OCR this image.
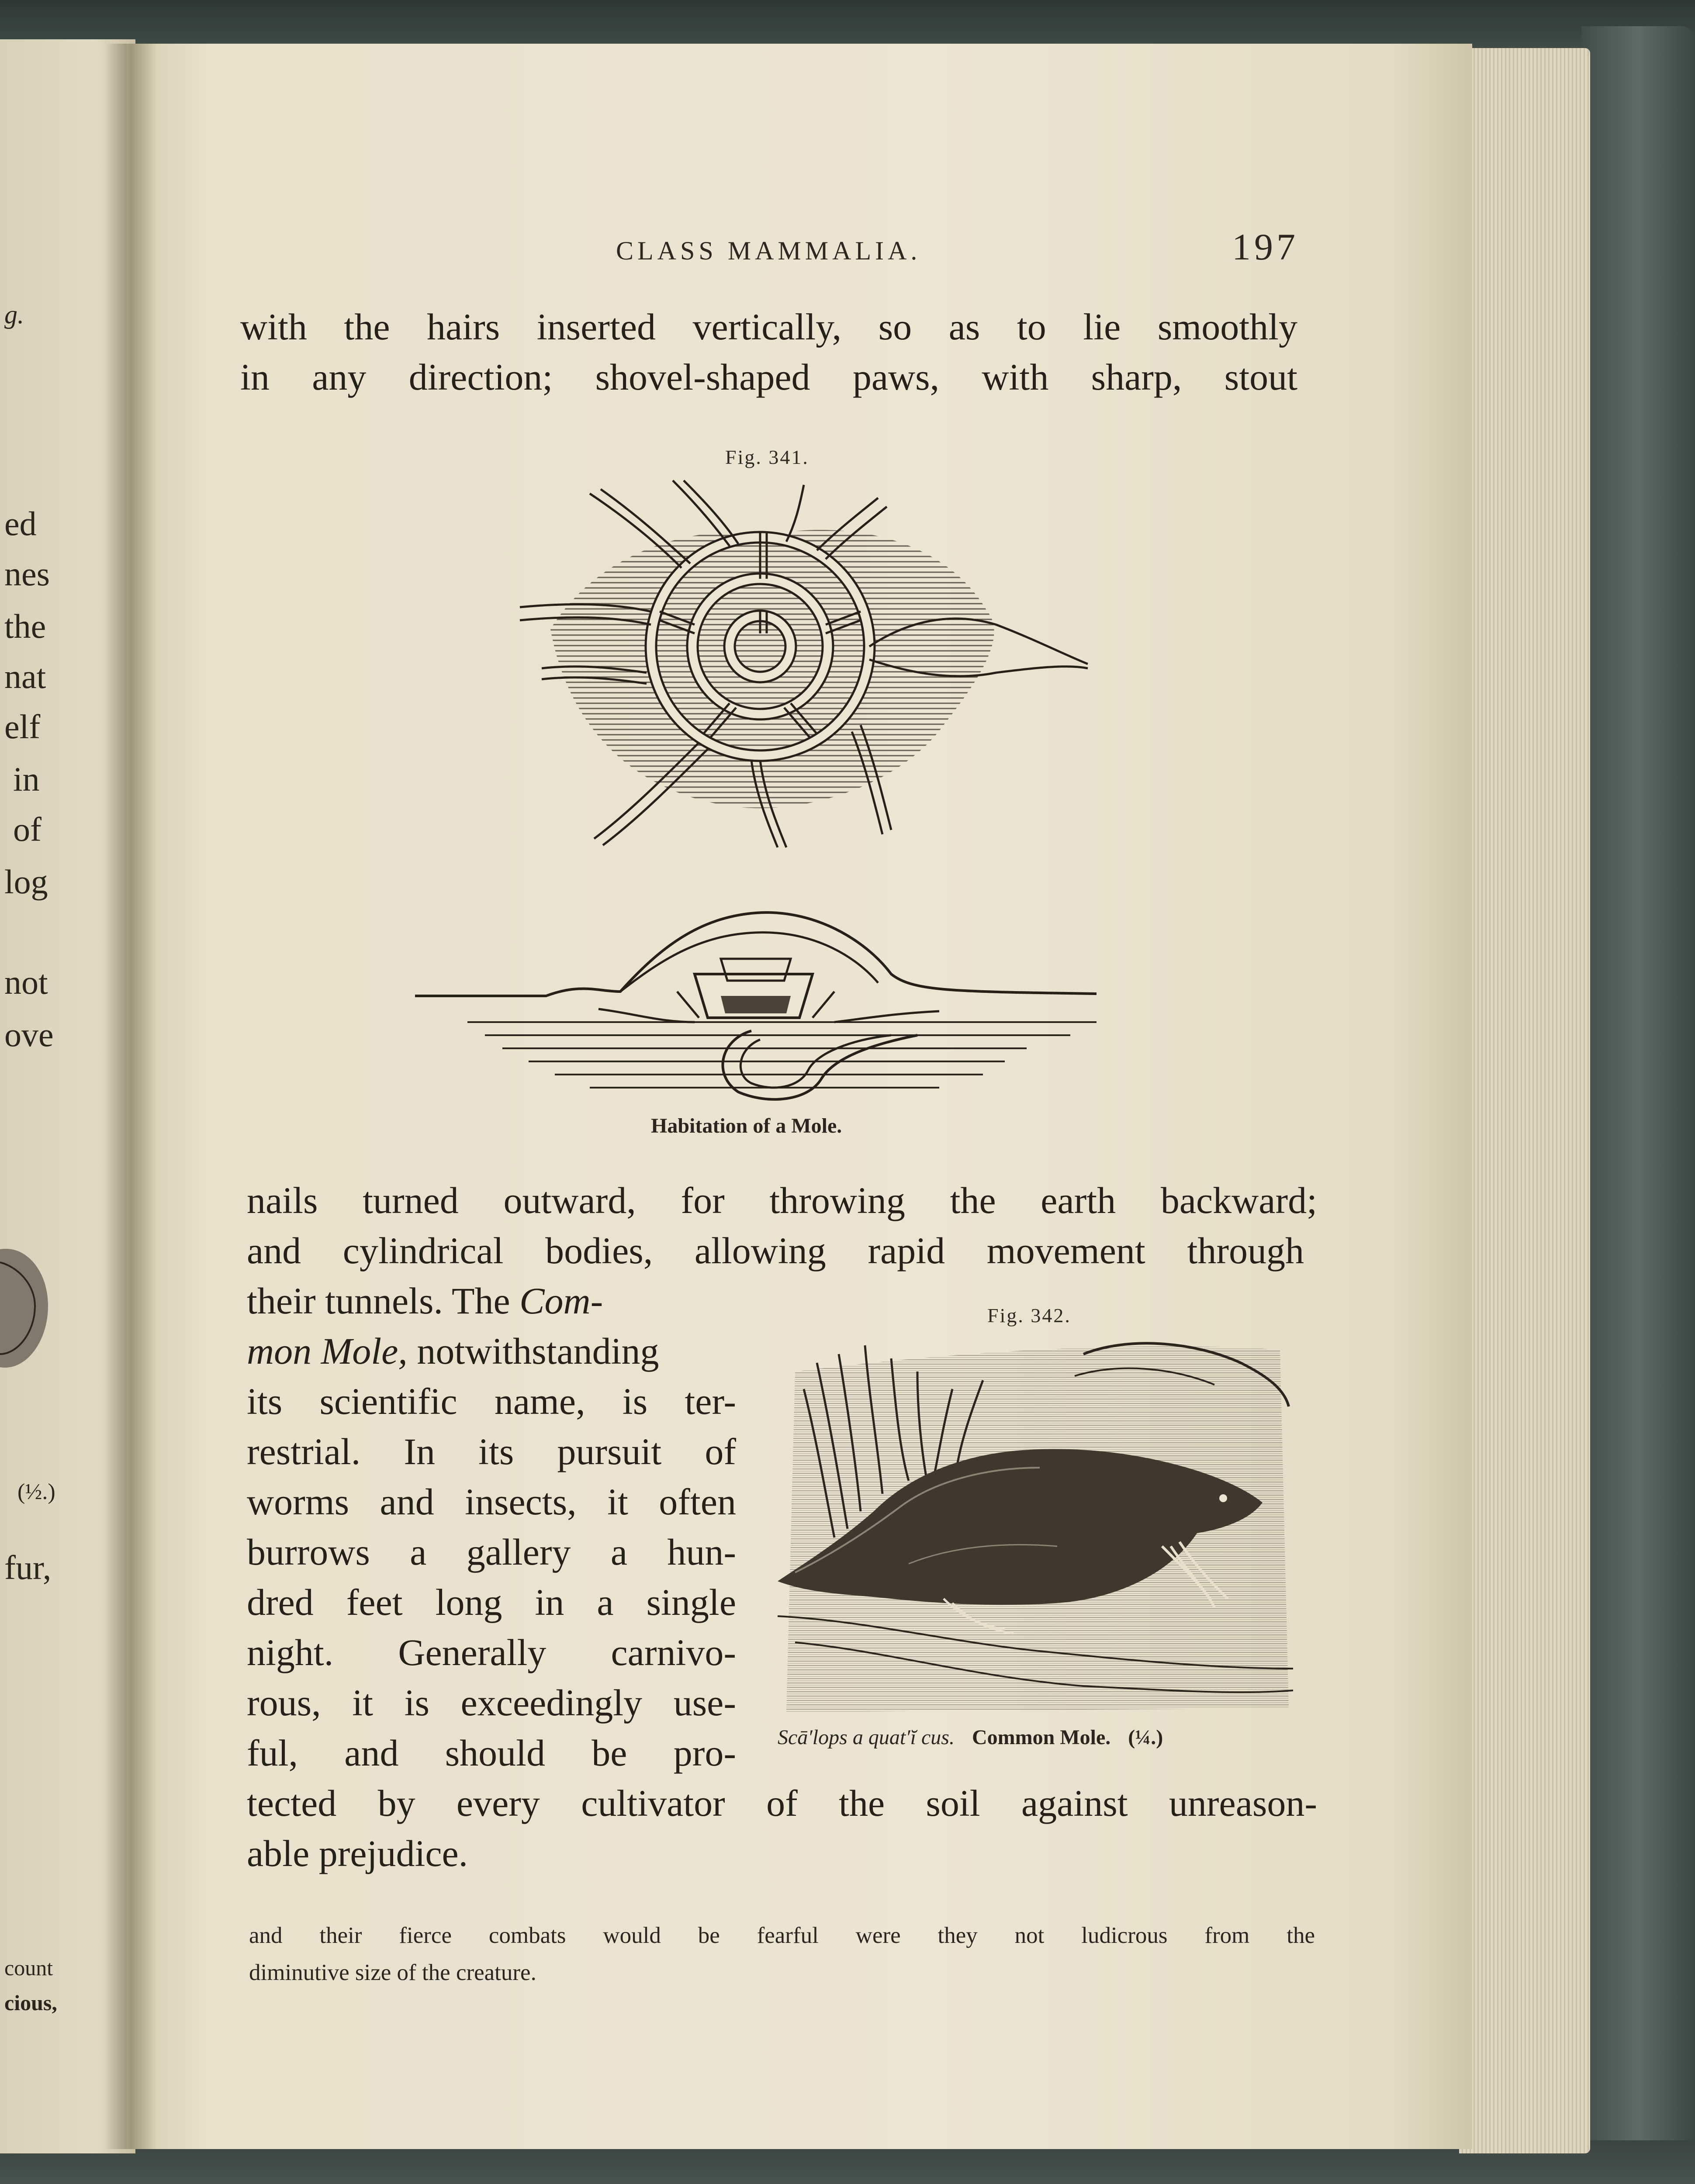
g.
ed
nes
the
nat
elf
in
of
log
not
ove
(½.)
fur,
count
cious,
CLASS MAMMALIA.	197
with the hairs inserted vertically, so as to lie smoothly
in any direction; shovel-shaped paws, with sharp, stout
Fig. 341.
Habitation of a Mole.
nails turned outward, for throwing the earth backward;
and cylindrical bodies, allowing rapid movement through
their tunnels. The Com-
mon Mole, notwithstanding
its scientific name, is ter-
restrial. In its pursuit of
worms and insects, it often
burrows a gallery a hun-
dred feet long in a single
night. Generally carnivo-
rous, it is exceedingly use-
ful, and should be pro-
Fig. 342.
Scā′lops a quat′ĭ cus. Common Mole. (¼.)
tected by every cultivator of the soil against unreason-
able prejudice.
and their fierce combats would be fearful were they not ludicrous from the
diminutive size of the creature.
